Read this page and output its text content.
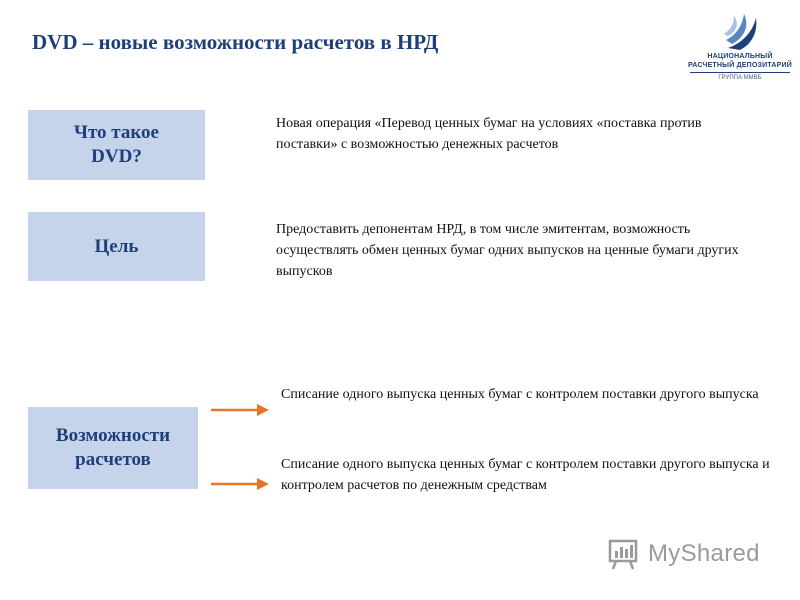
DVD – новые возможности расчетов в НРД
НАЦИОНАЛЬНЫЙ
РАСЧЕТНЫЙ ДЕПОЗИТАРИЙ
ГРУППА ММВБ
Что такое
DVD?
Новая операция «Перевод ценных бумаг на условиях «поставка против поставки» с возможностью денежных расчетов
Цель
Предоставить депонентам НРД, в том числе эмитентам, возможность осуществлять обмен ценных бумаг одних выпусков на ценные бумаги других выпусков
Возможности
расчетов
Списание одного выпуска ценных бумаг с контролем поставки другого выпуска
Списание одного выпуска ценных бумаг с контролем поставки другого выпуска и контролем расчетов по денежным средствам
MyShared
